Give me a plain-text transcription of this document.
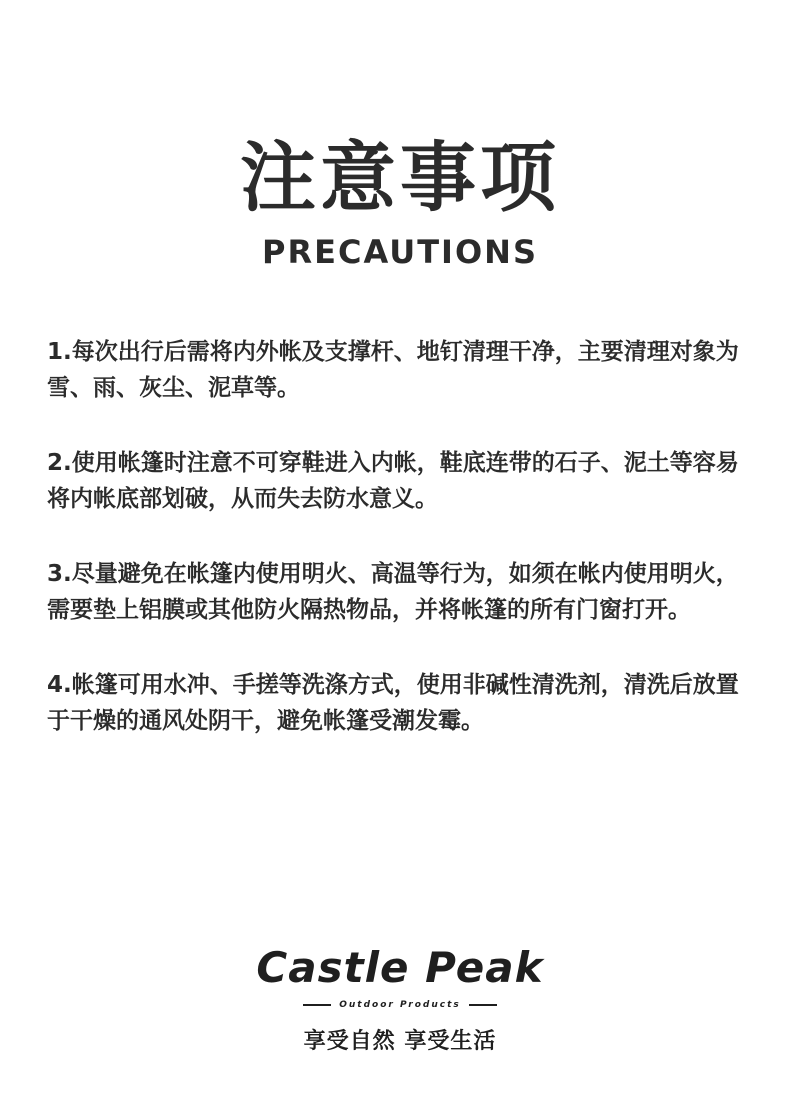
注意事项
PRECAUTIONS

1.每次出行后需将内外帐及支撑杆、地钉清理干净，主要清理对象为雪、雨、灰尘、泥草等。

2.使用帐篷时注意不可穿鞋进入内帐，鞋底连带的石子、泥土等容易将内帐底部划破，从而失去防水意义。

3.尽量避免在帐篷内使用明火、高温等行为，如须在帐内使用明火，需要垫上铝膜或其他防火隔热物品，并将帐篷的所有门窗打开。

4.帐篷可用水冲、手搓等洗涤方式，使用非碱性清洗剂，清洗后放置于干燥的通风处阴干，避免帐篷受潮发霉。

Castle Peak
Outdoor Products
享受自然 享受生活
